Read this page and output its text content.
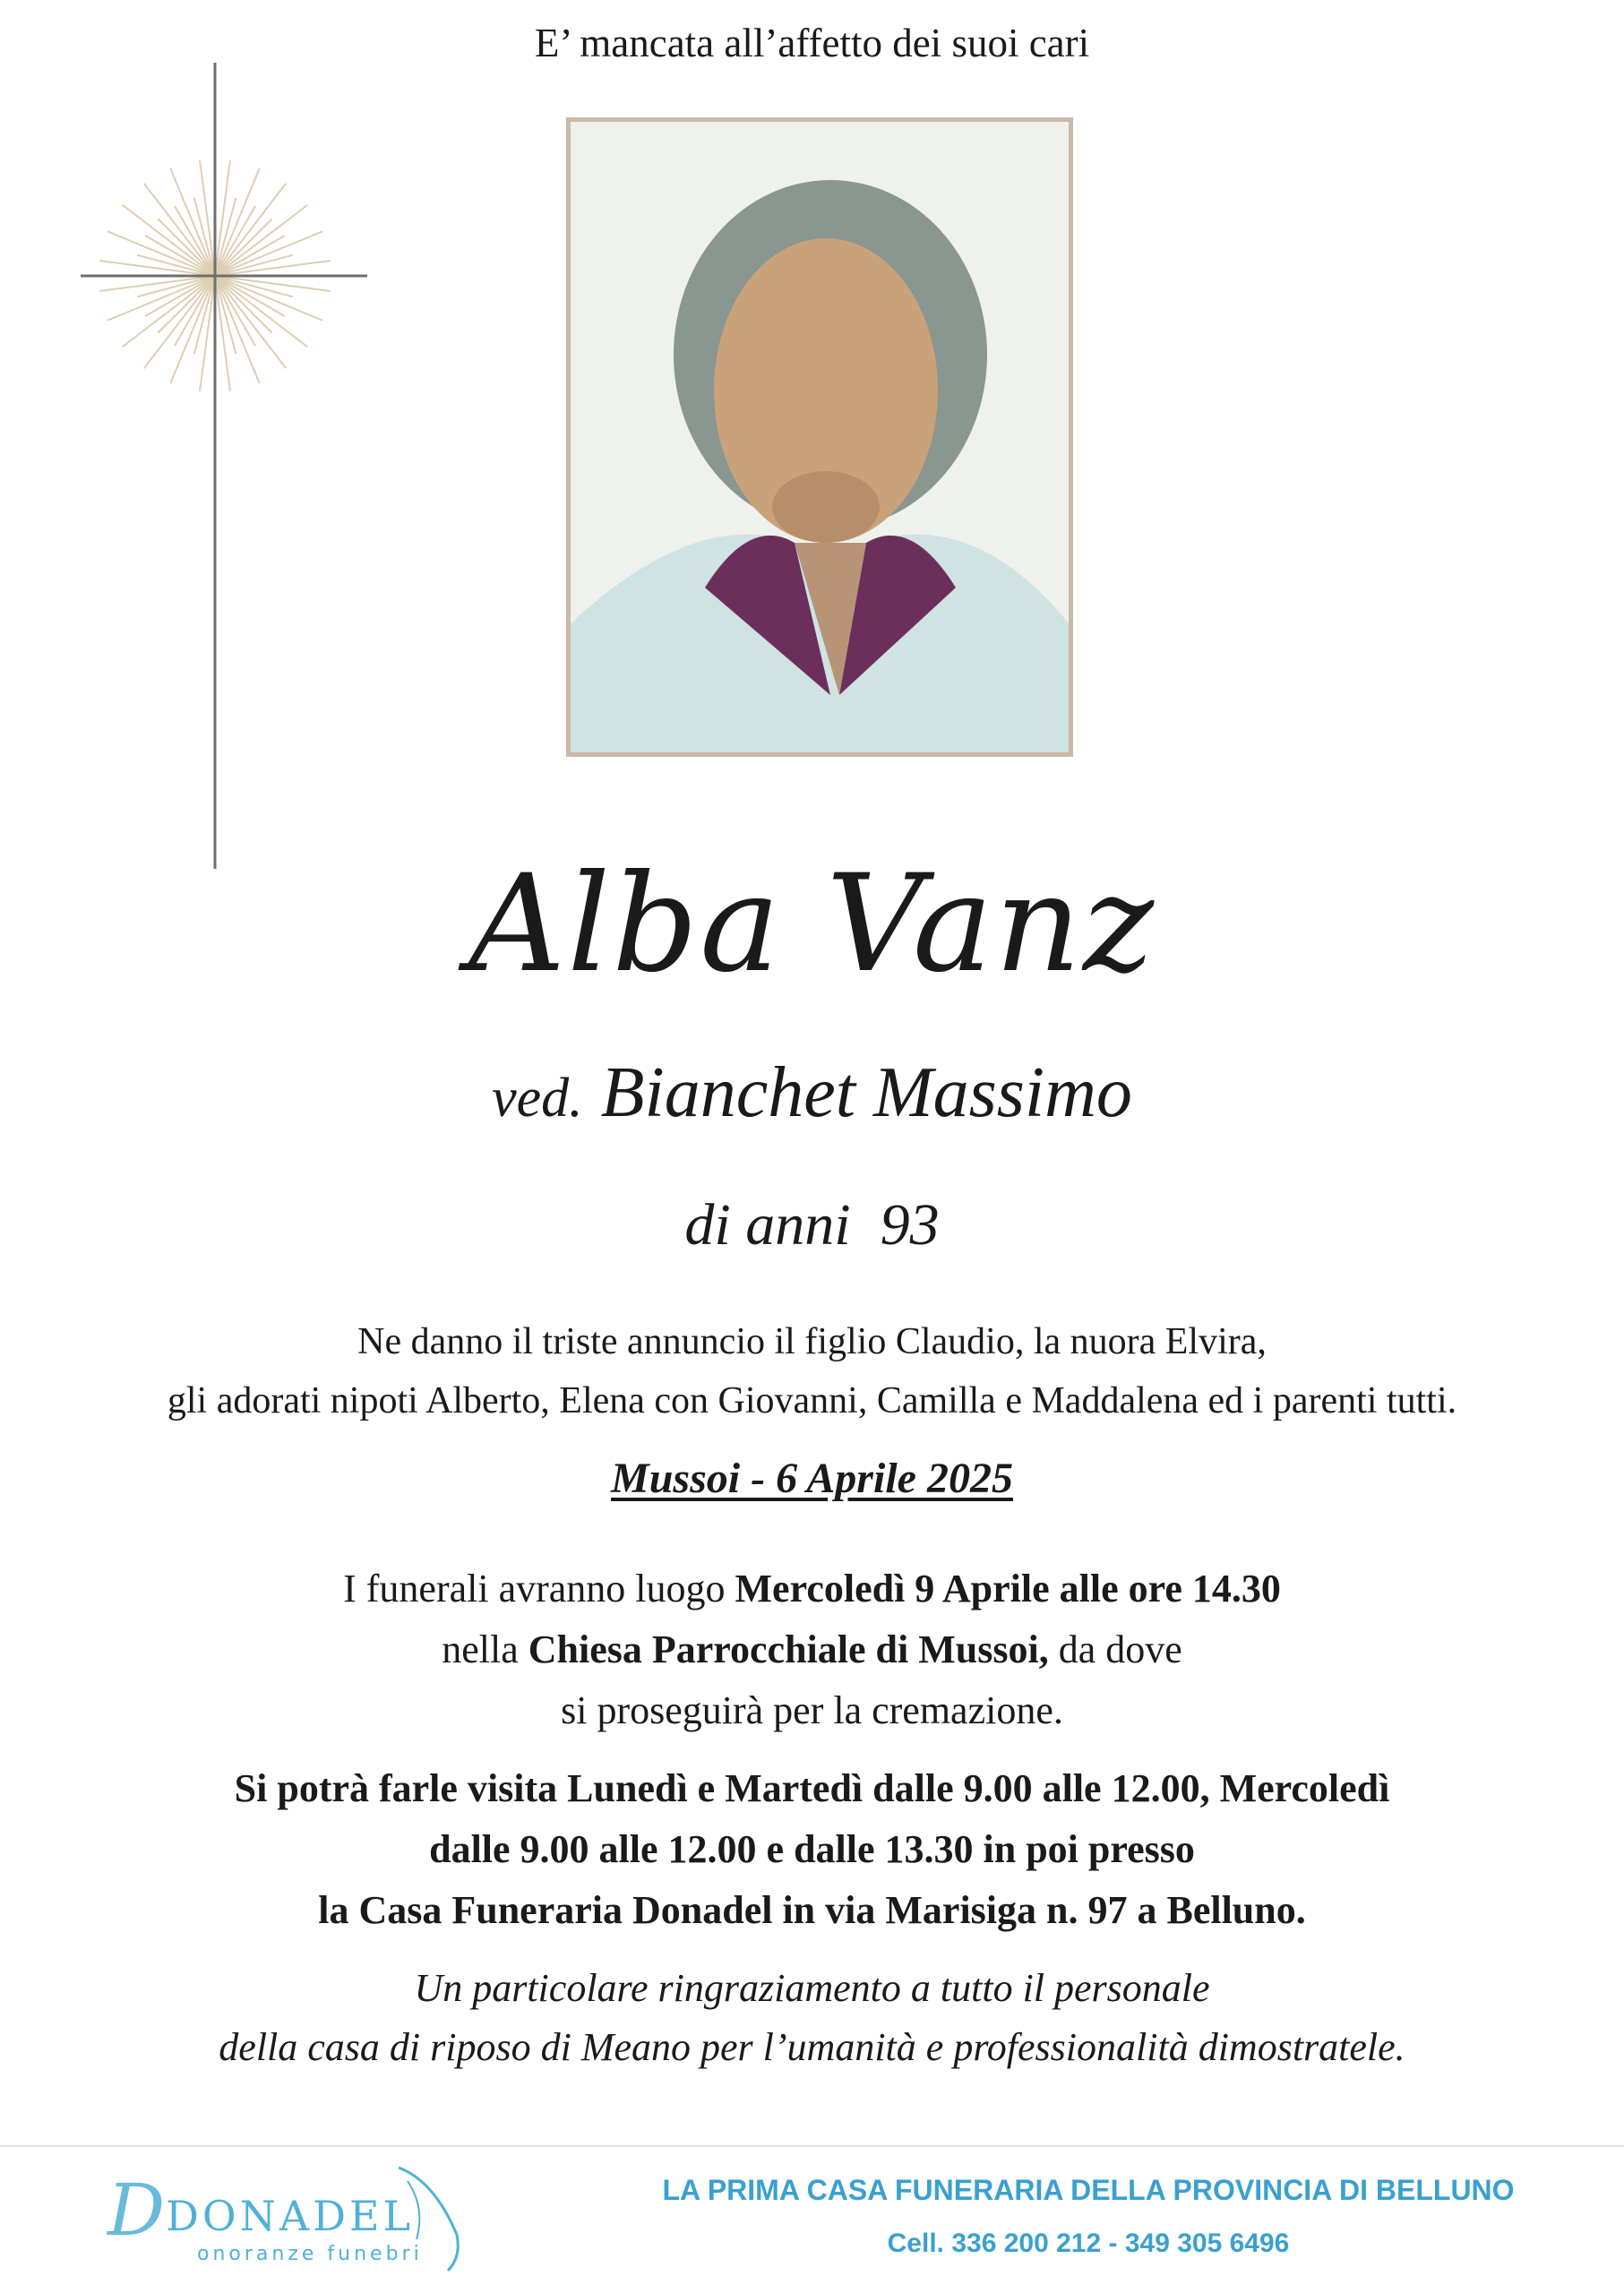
E’ mancata all’affetto dei suoi cari
Alba Vanz
ved. Bianchet Massimo
di anni  93
Ne danno il triste annuncio il figlio Claudio, la nuora Elvira,
gli adorati nipoti Alberto, Elena con Giovanni, Camilla e Maddalena ed i parenti tutti.
Mussoi - 6 Aprile 2025
I funerali avranno luogo Mercoledì 9 Aprile alle ore 14.30
nella Chiesa Parrocchiale di Mussoi, da dove
si proseguirà per la cremazione.
Si potrà farle visita Lunedì e Martedì dalle 9.00 alle 12.00, Mercoledì
dalle 9.00 alle 12.00 e dalle 13.30 in poi presso
la Casa Funeraria Donadel in via Marisiga n. 97 a Belluno.
Un particolare ringraziamento a tutto il personale
della casa di riposo di Meano per l’umanità e professionalità dimostratele.
D DONADEL
onoranze funebri
LA PRIMA CASA FUNERARIA DELLA PROVINCIA DI BELLUNO
Cell. 336 200 212 - 349 305 6496
